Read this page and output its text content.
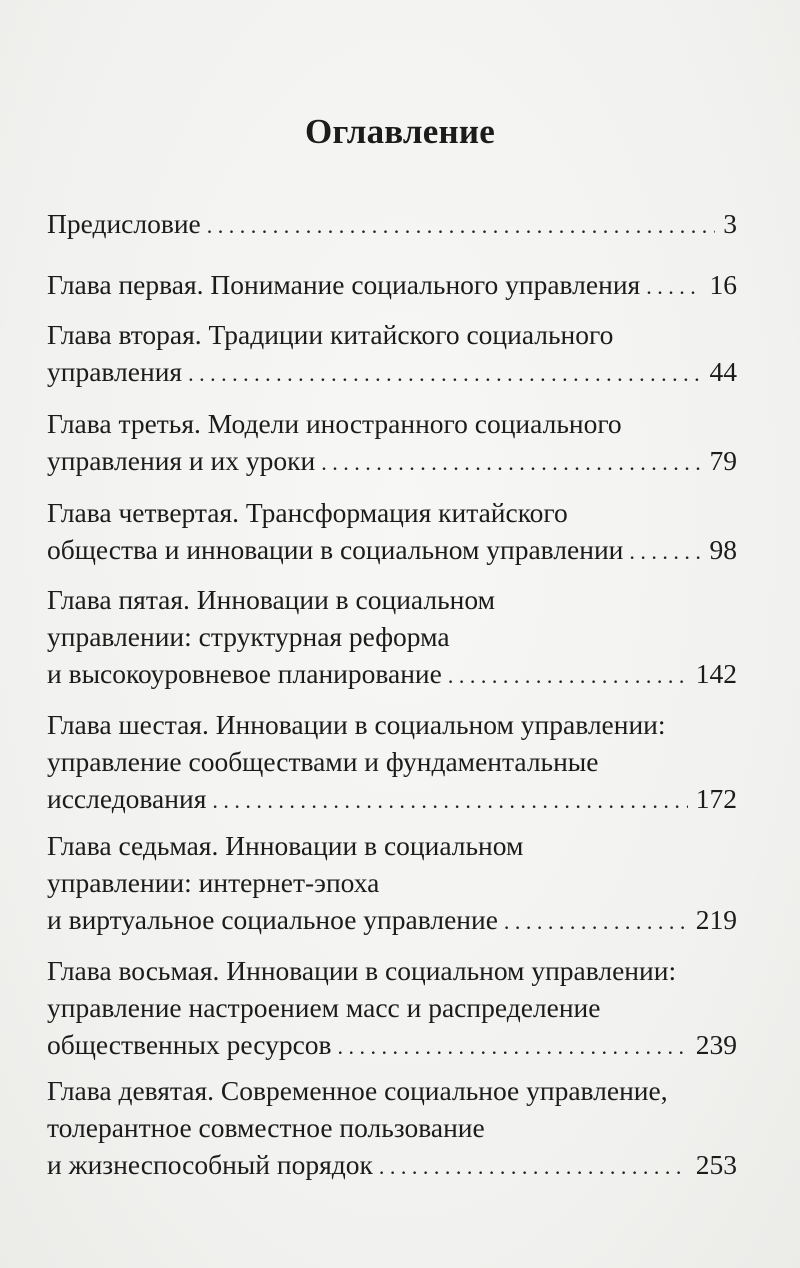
Оглавление
Предисловие . . .	3
Глава первая. Понимание социального управления . . .	16
Глава вторая. Традиции китайского социального
управления . . .	44
Глава третья. Модели иностранного социального
управления и их уроки . . .	79
Глава четвертая. Трансформация китайского
общества и инновации в социальном управлении . . .	98
Глава пятая. Инновации в социальном
управлении: структурная реформа
и высокоуровневое планирование . . .	142
Глава шестая. Инновации в социальном управлении:
управление сообществами и фундаментальные
исследования . . .	172
Глава седьмая. Инновации в социальном
управлении: интернет-эпоха
и виртуальное социальное управление . . .	219
Глава восьмая. Инновации в социальном управлении:
управление настроением масс и распределение
общественных ресурсов . . .	239
Глава девятая. Современное социальное управление,
толерантное совместное пользование
и жизнеспособный порядок . . .	253
